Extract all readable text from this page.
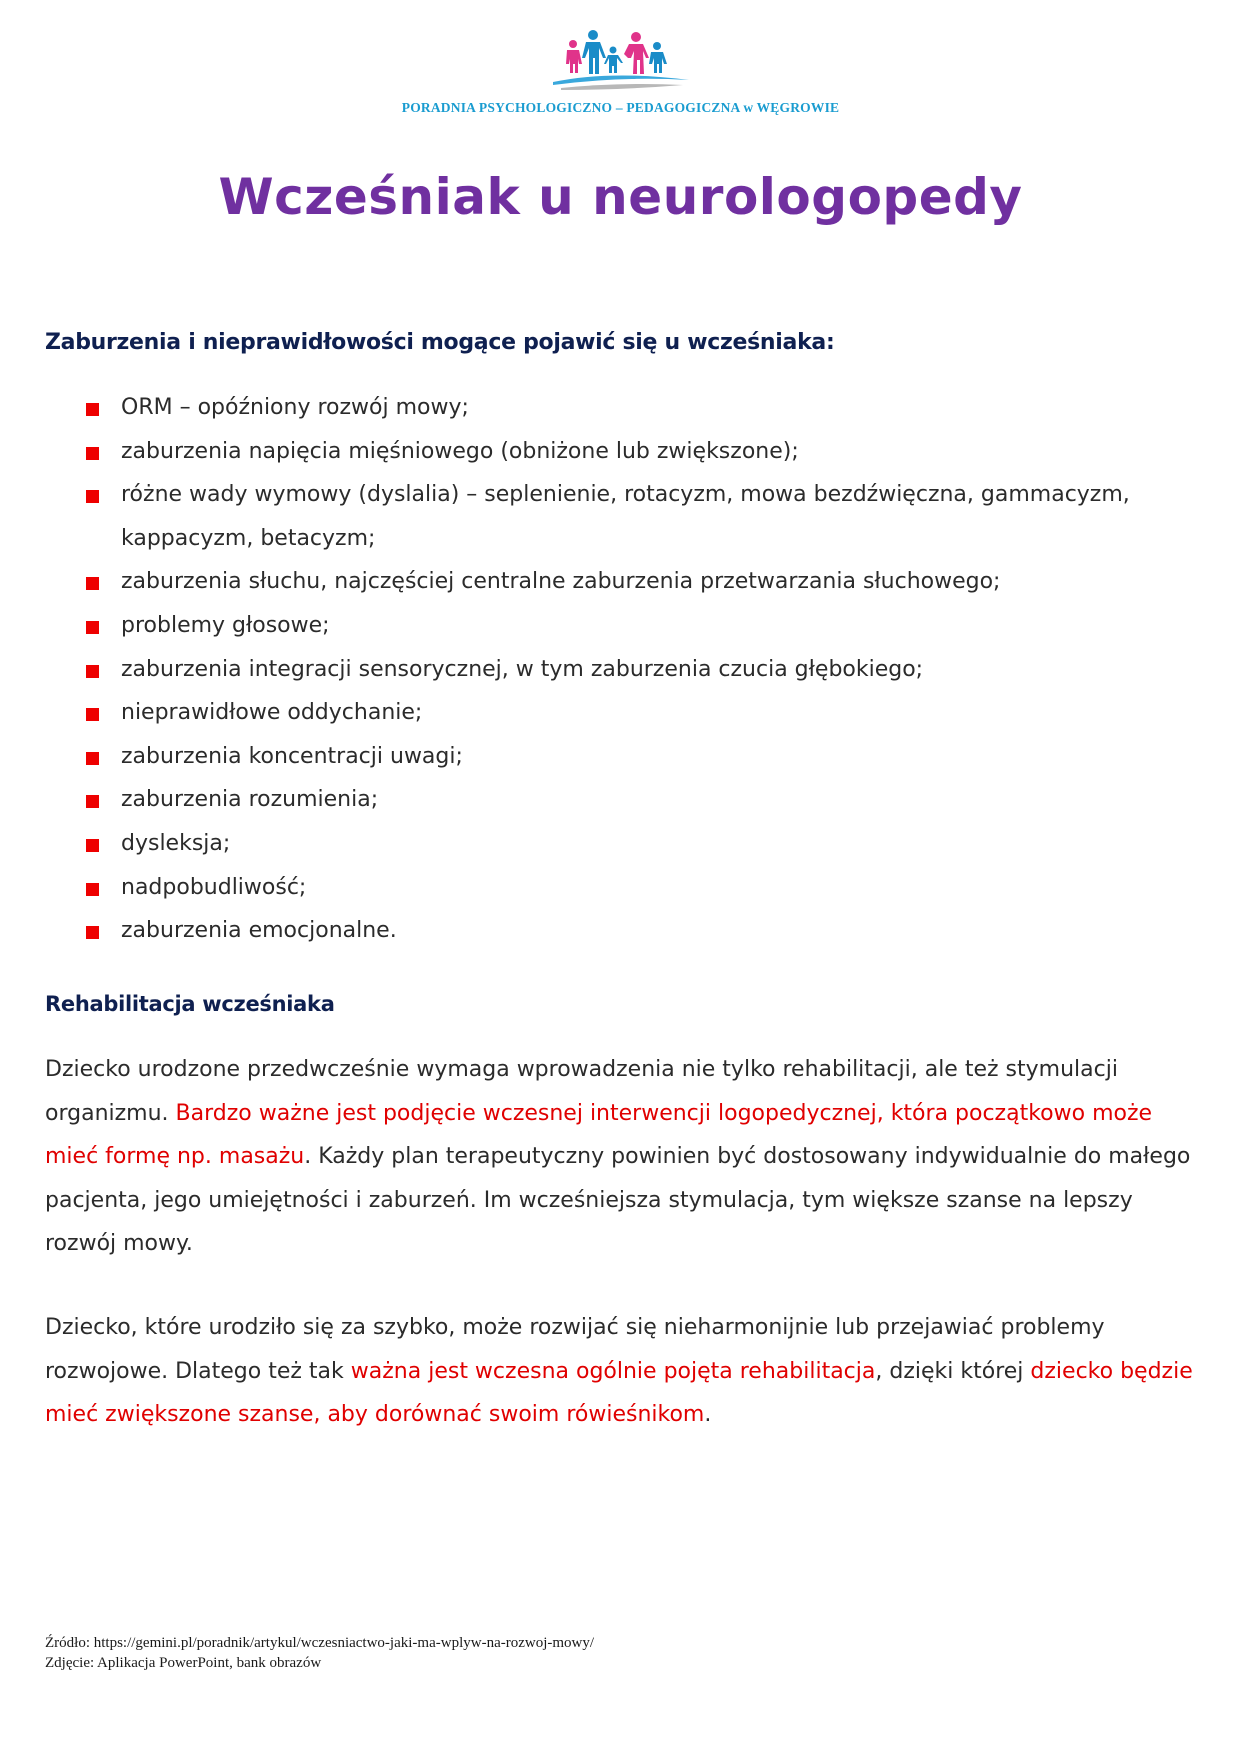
PORADNIA PSYCHOLOGICZNO – PEDAGOGICZNA w WĘGROWIE
Wcześniak u neurologopedy
Zaburzenia i nieprawidłowości mogące pojawić się u wcześniaka:
ORM – opóźniony rozwój mowy;
zaburzenia napięcia mięśniowego (obniżone lub zwiększone);
różne wady wymowy (dyslalia) – seplenienie, rotacyzm, mowa bezdźwięczna, gammacyzm, kappacyzm, betacyzm;
zaburzenia słuchu, najczęściej centralne zaburzenia przetwarzania słuchowego;
problemy głosowe;
zaburzenia integracji sensorycznej, w tym zaburzenia czucia głębokiego;
nieprawidłowe oddychanie;
zaburzenia koncentracji uwagi;
zaburzenia rozumienia;
dysleksja;
nadpobudliwość;
zaburzenia emocjonalne.
Rehabilitacja wcześniaka

Dziecko urodzone przedwcześnie wymaga wprowadzenia nie tylko rehabilitacji, ale też stymulacji organizmu. Bardzo ważne jest podjęcie wczesnej interwencji logopedycznej, która początkowo może mieć formę np. masażu. Każdy plan terapeutyczny powinien być dostosowany indywidualnie do małego pacjenta, jego umiejętności i zaburzeń. Im wcześniejsza stymulacja, tym większe szanse na lepszy rozwój mowy.

Dziecko, które urodziło się za szybko, może rozwijać się nieharmonijnie lub przejawiać problemy rozwojowe. Dlatego też tak ważna jest wczesna ogólnie pojęta rehabilitacja, dzięki której dziecko będzie mieć zwiększone szanse, aby dorównać swoim rówieśnikom.

Źródło: https://gemini.pl/poradnik/artykul/wczesniactwo-jaki-ma-wplyw-na-rozwoj-mowy/
Zdjęcie: Aplikacja PowerPoint, bank obrazów
